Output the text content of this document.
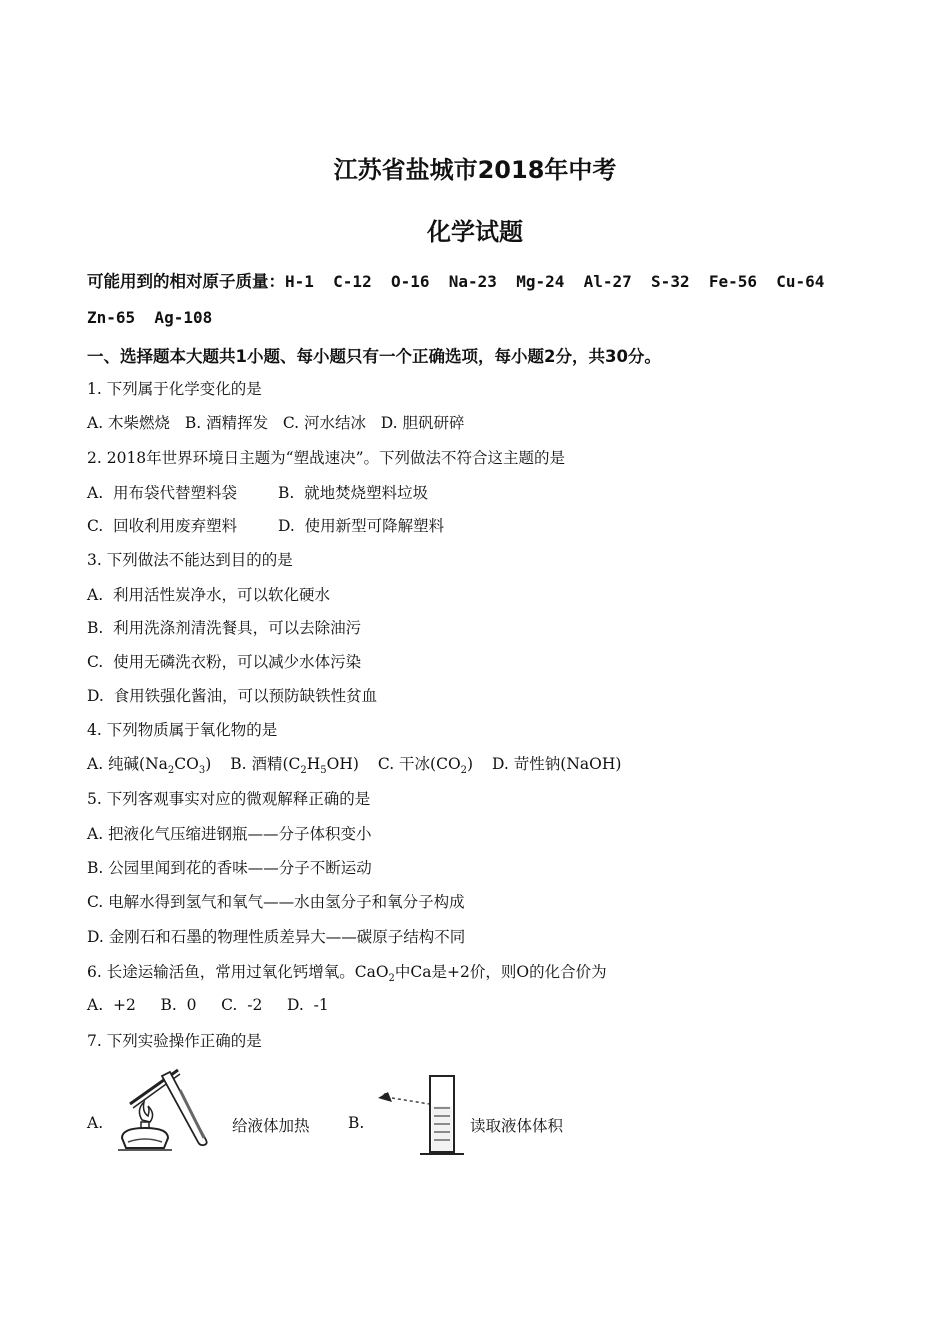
江苏省盐城市2018年中考
化学试题
可能用到的相对原子质量：H-1  C-12  O-16  Na-23  Mg-24  Al-27  S-32  Fe-56  Cu-64
Zn-65  Ag-108
一、选择题本大题共1小题、每小题只有一个正确选项，每小题2分，共30分。
1. 下列属于化学变化的是
A. 木柴燃烧   B. 酒精挥发   C. 河水结冰   D. 胆矾研碎
2. 2018年世界环境日主题为“塑战速决”。下列做法不符合这主题的是
A.  用布袋代替塑料袋	B.  就地焚烧塑料垃圾
C.  回收利用废弃塑料	D.  使用新型可降解塑料
3. 下列做法不能达到目的的是
A.  利用活性炭净水，可以软化硬水
B.  利用洗涤剂清洗餐具，可以去除油污
C.  使用无磷洗衣粉，可以减少水体污染
D.  食用铁强化酱油，可以预防缺铁性贫血
4. 下列物质属于氧化物的是
A. 纯碱$(Na_2CO_3)$ B. 酒精$(C_2H_5OH)$ C. 干冰$(CO_2)$ D. 苛性钠(NaOH)
5. 下列客观事实对应的微观解释正确的是
A. 把液化气压缩进钢瓶——分子体积变小
B. 公园里闻到花的香味——分子不断运动
C. 电解水得到氢气和氧气——水由氢分子和氧分子构成
D. 金刚石和石墨的物理性质差异大——碳原子结构不同
6. 长途运输活鱼，常用过氧化钙增氧。CaO$_2$中Ca是+2价，则O的化合价为
A.  +2     B.  0     C.  -2     D.  -1
7. 下列实验操作正确的是
A.	给液体加热 B.	读取液体体积
